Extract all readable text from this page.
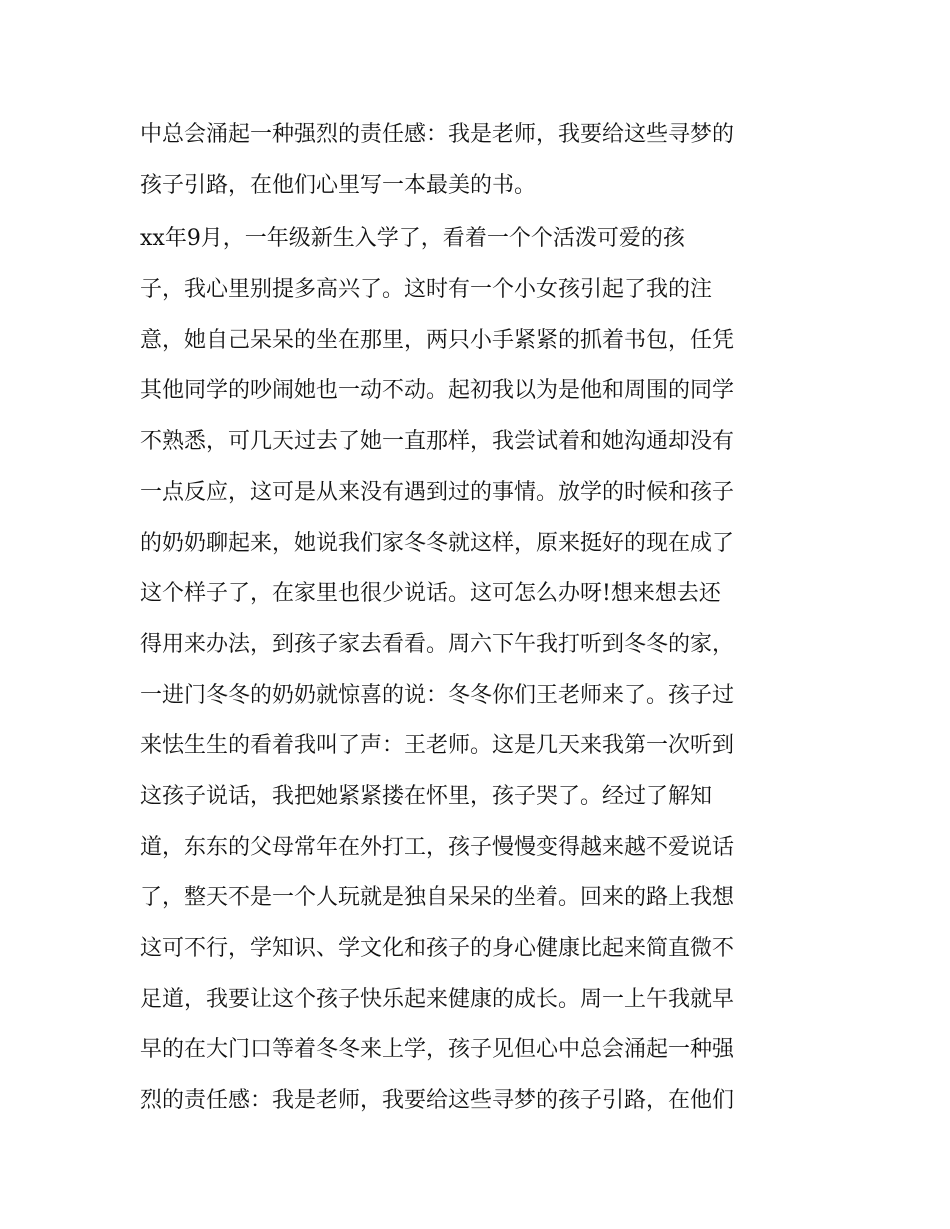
中总会涌起一种强烈的责任感：我是老师，我要给这些寻梦的
孩子引路，在他们心里写一本最美的书。
xx年9月，一年级新生入学了，看着一个个活泼可爱的孩
子，我心里别提多高兴了。这时有一个小女孩引起了我的注
意，她自己呆呆的坐在那里，两只小手紧紧的抓着书包，任凭
其他同学的吵闹她也一动不动。起初我以为是他和周围的同学
不熟悉，可几天过去了她一直那样，我尝试着和她沟通却没有
一点反应，这可是从来没有遇到过的事情。放学的时候和孩子
的奶奶聊起来，她说我们家冬冬就这样，原来挺好的现在成了
这个样子了，在家里也很少说话。这可怎么办呀!想来想去还
得用来办法，到孩子家去看看。周六下午我打听到冬冬的家，
一进门冬冬的奶奶就惊喜的说：冬冬你们王老师来了。孩子过
来怯生生的看着我叫了声：王老师。这是几天来我第一次听到
这孩子说话，我把她紧紧搂在怀里，孩子哭了。经过了解知
道，东东的父母常年在外打工，孩子慢慢变得越来越不爱说话
了，整天不是一个人玩就是独自呆呆的坐着。回来的路上我想
这可不行，学知识、学文化和孩子的身心健康比起来简直微不
足道，我要让这个孩子快乐起来健康的成长。周一上午我就早
早的在大门口等着冬冬来上学，孩子见但心中总会涌起一种强
烈的责任感：我是老师，我要给这些寻梦的孩子引路，在他们
